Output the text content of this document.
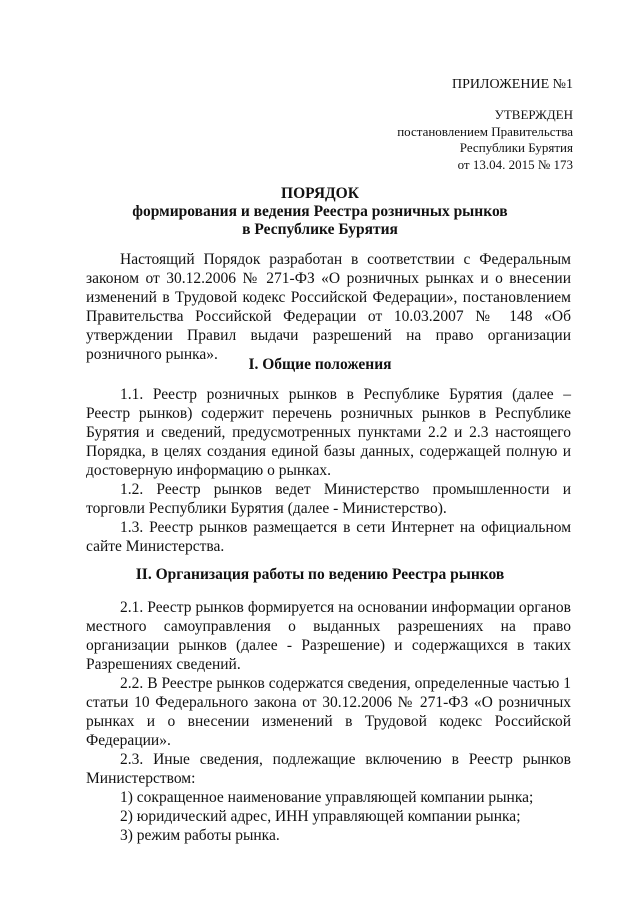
ПРИЛОЖЕНИЕ №1
УТВЕРЖДЕН
постановлением Правительства
Республики Бурятия
от 13.04. 2015 № 173
ПОРЯДОК
формирования и ведения Реестра розничных рынков
в Республике Бурятия

Настоящий Порядок разработан в соответствии с Федеральным законом от 30.12.2006 № 271-ФЗ «О розничных рынках и о внесении изменений в Трудовой кодекс Российской Федерации», постановлением Правительства Российской Федерации от 10.03.2007 № 148 «Об утверждении Правил выдачи разрешений на право организации розничного рынка».

I. Общие положения

1.1. Реестр розничных рынков в Республике Бурятия (далее – Реестр рынков) содержит перечень розничных рынков в Республике Бурятия и сведений, предусмотренных пунктами 2.2 и 2.3 настоящего Порядка, в целях создания единой базы данных, содержащей полную и достоверную информацию о рынках.

1.2. Реестр рынков ведет Министерство промышленности и торговли Республики Бурятия (далее - Министерство).

1.3. Реестр рынков размещается в сети Интернет на официальном сайте Министерства.

II. Организация работы по ведению Реестра рынков

2.1. Реестр рынков формируется на основании информации органов местного самоуправления о выданных разрешениях на право организации рынков (далее - Разрешение) и содержащихся в таких Разрешениях сведений.

2.2. В Реестре рынков содержатся сведения, определенные частью 1 статьи 10 Федерального закона от 30.12.2006 № 271-ФЗ «О розничных рынках и о внесении изменений в Трудовой кодекс Российской Федерации».

2.3. Иные сведения, подлежащие включению в Реестр рынков Министерством:

1) сокращенное наименование управляющей компании рынка;

2) юридический адрес, ИНН управляющей компании рынка;

3) режим работы рынка.
